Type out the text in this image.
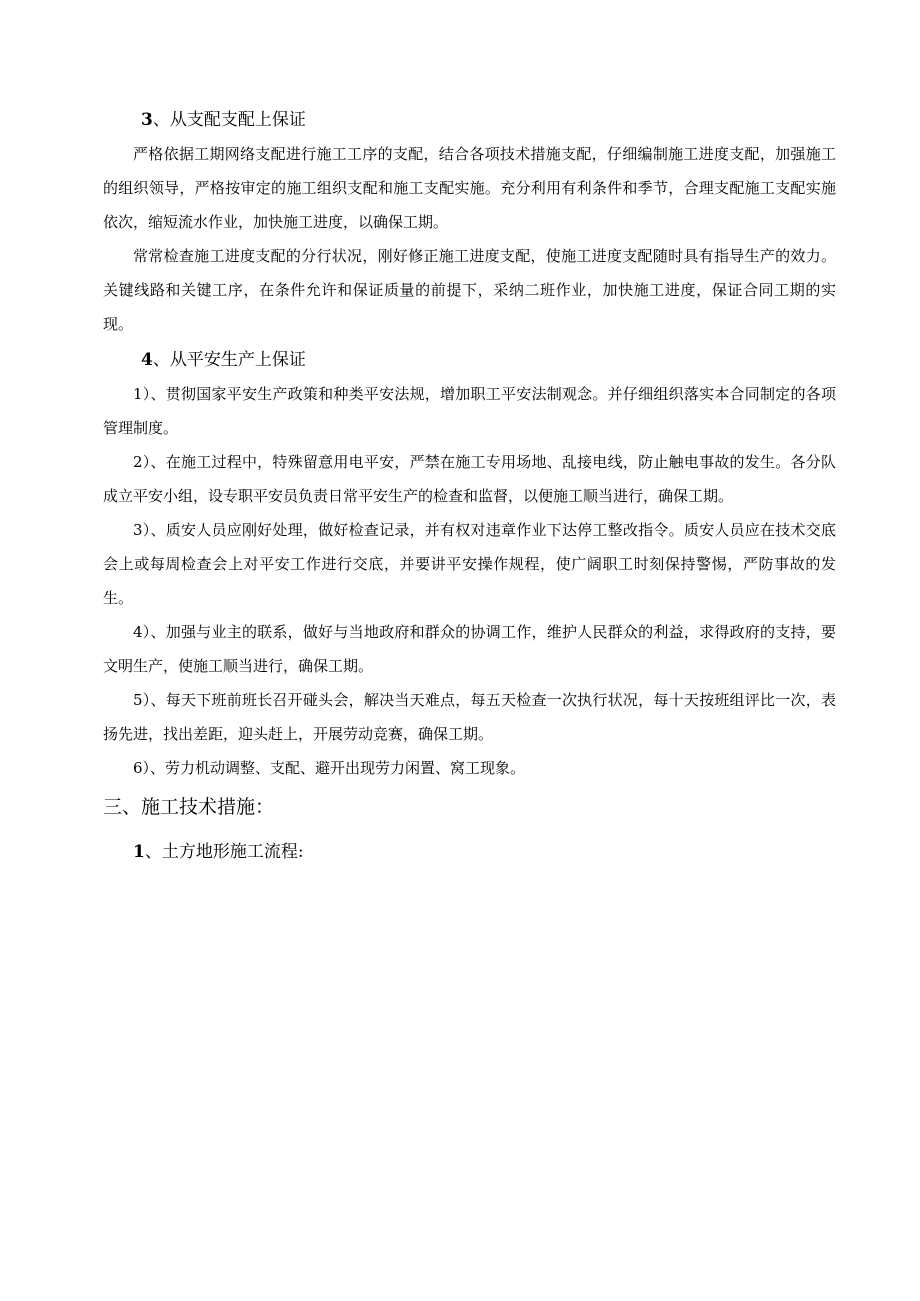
3、从支配支配上保证

严格依据工期网络支配进行施工工序的支配，结合各项技术措施支配，仔细编制施工进度支配，加强施工的组织领导，严格按审定的施工组织支配和施工支配实施。充分利用有利条件和季节，合理支配施工支配实施依次，缩短流水作业，加快施工进度，以确保工期。

常常检查施工进度支配的分行状况，刚好修正施工进度支配，使施工进度支配随时具有指导生产的效力。关键线路和关键工序，在条件允许和保证质量的前提下，采纳二班作业，加快施工进度，保证合同工期的实现。

4、从平安生产上保证

1）、贯彻国家平安生产政策和种类平安法规，增加职工平安法制观念。并仔细组织落实本合同制定的各项管理制度。

2）、在施工过程中，特殊留意用电平安，严禁在施工专用场地、乱接电线，防止触电事故的发生。各分队成立平安小组，设专职平安员负责日常平安生产的检查和监督，以便施工顺当进行，确保工期。

3）、质安人员应刚好处理，做好检查记录，并有权对违章作业下达停工整改指令。质安人员应在技术交底会上或每周检查会上对平安工作进行交底，并要讲平安操作规程，使广阔职工时刻保持警惕，严防事故的发生。

4）、加强与业主的联系，做好与当地政府和群众的协调工作，维护人民群众的利益，求得政府的支持，要文明生产，使施工顺当进行，确保工期。

5）、每天下班前班长召开碰头会，解决当天难点，每五天检查一次执行状况，每十天按班组评比一次，表扬先进，找出差距，迎头赶上，开展劳动竞赛，确保工期。

6）、劳力机动调整、支配、避开出现劳力闲置、窝工现象。

三、施工技术措施：

1、土方地形施工流程:
